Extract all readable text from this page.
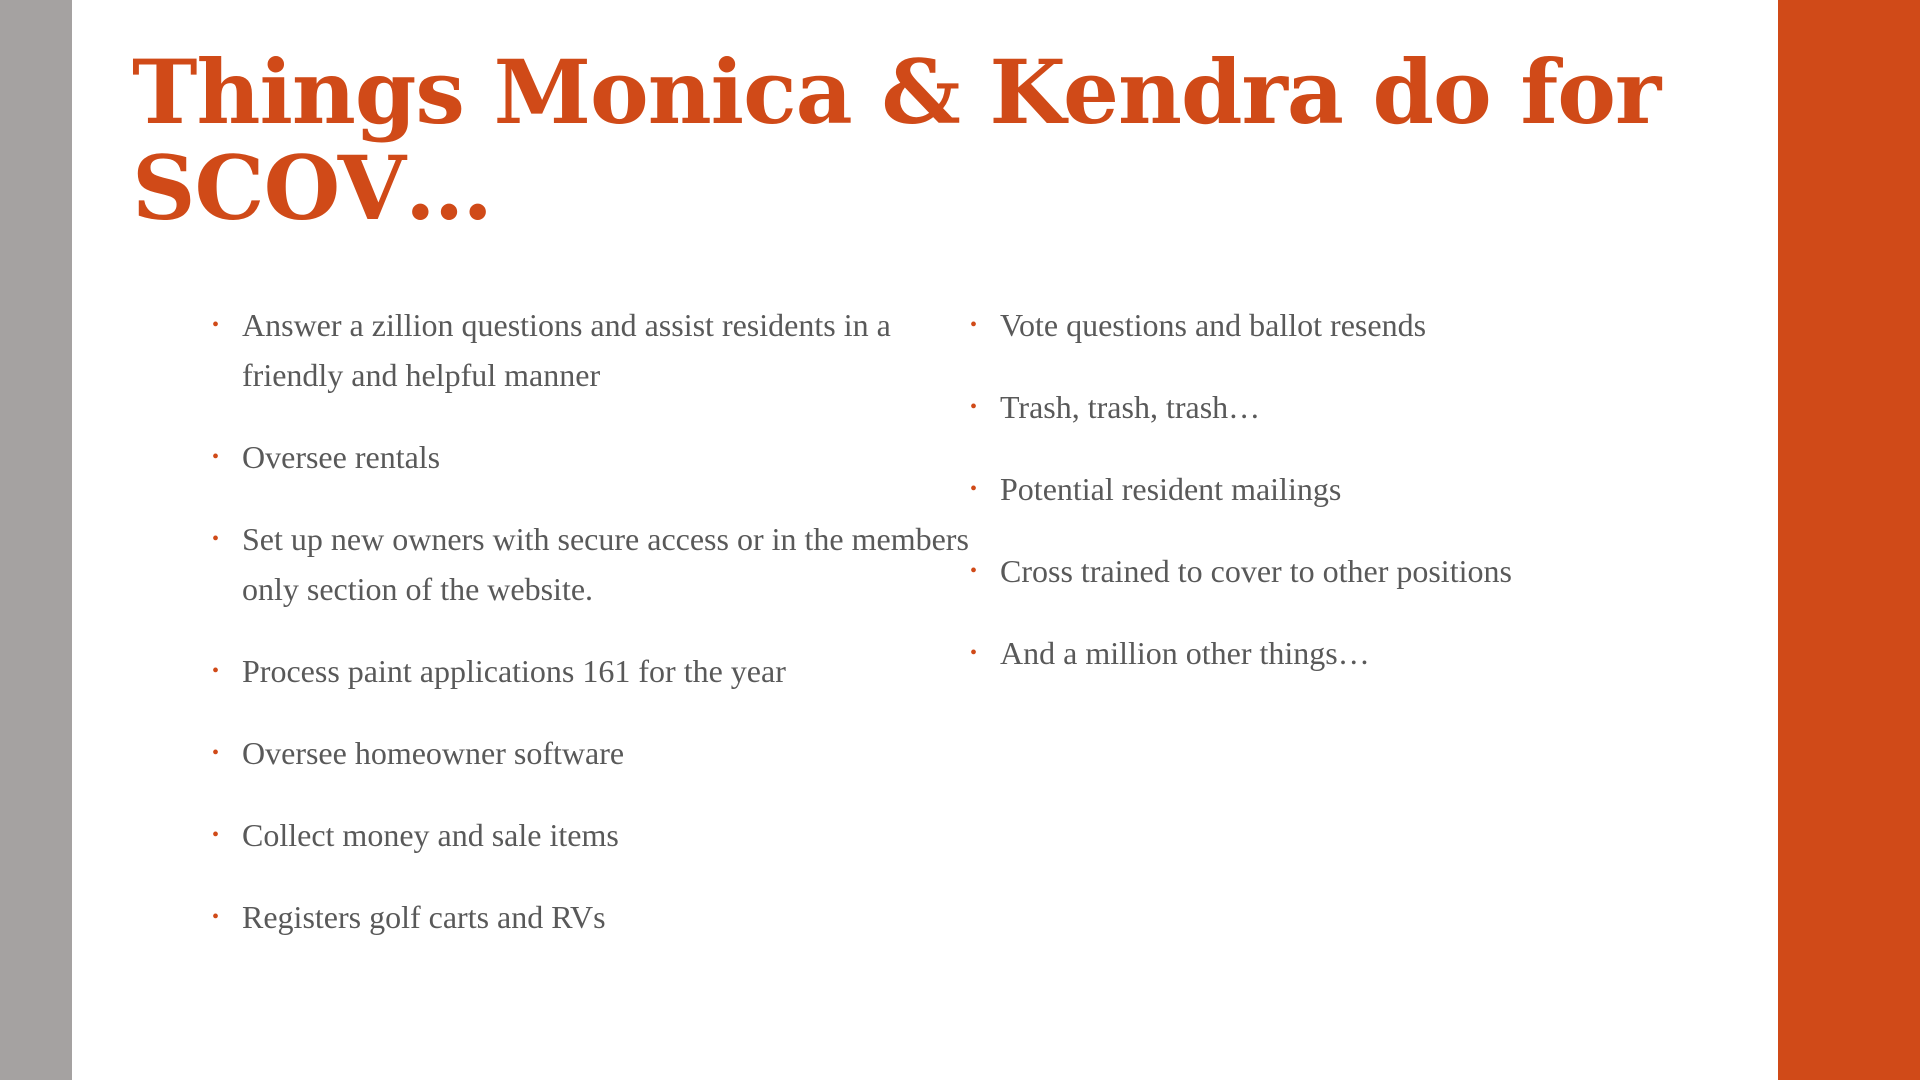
Things Monica & Kendra do for SCOV…
• Answer a zillion questions and assist residents in a friendly and helpful manner
• Oversee rentals
• Set up new owners with secure access or in the members only section of the website.
• Process paint applications 161 for the year
• Oversee homeowner software
• Collect money and sale items
• Registers golf carts and RVs
• Vote questions and ballot resends
• Trash, trash, trash…
• Potential resident mailings
• Cross trained to cover to other positions
• And a million other things…
